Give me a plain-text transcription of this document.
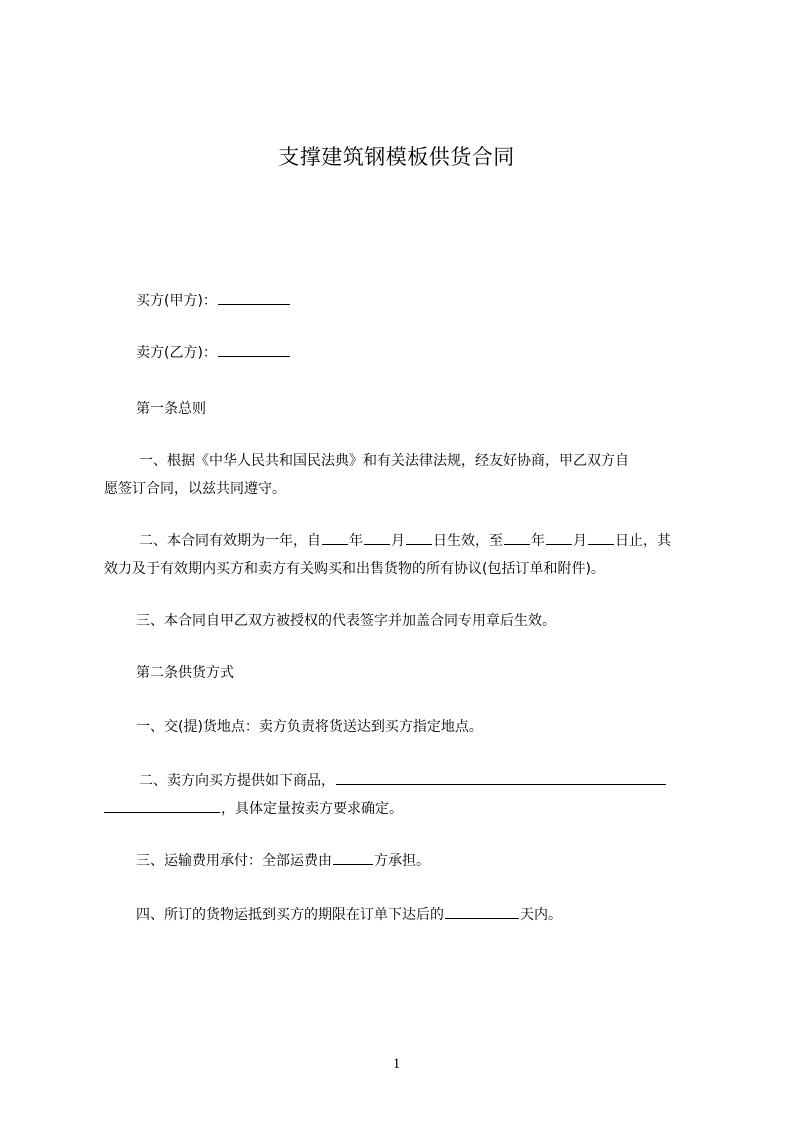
支撑建筑钢模板供货合同
买方(甲方)：
卖方(乙方)：
第一条总则
一、根据《中华人民共和国民法典》和有关法律法规，经友好协商，甲乙双方自
愿签订合同，以兹共同遵守。
二、本合同有效期为一年，自 年 月 日生效，至 年 月 日止，其
效力及于有效期内买方和卖方有关购买和出售货物的所有协议(包括订单和附件)。
三、本合同自甲乙双方被授权的代表签字并加盖合同专用章后生效。
第二条供货方式
一、交(提)货地点：卖方负责将货送达到买方指定地点。
二、卖方向买方提供如下商品，
，具体定量按卖方要求确定。
三、运输费用承付：全部运费由	方承担。
四、所订的货物运抵到买方的期限在订单下达后的	天内。
1
